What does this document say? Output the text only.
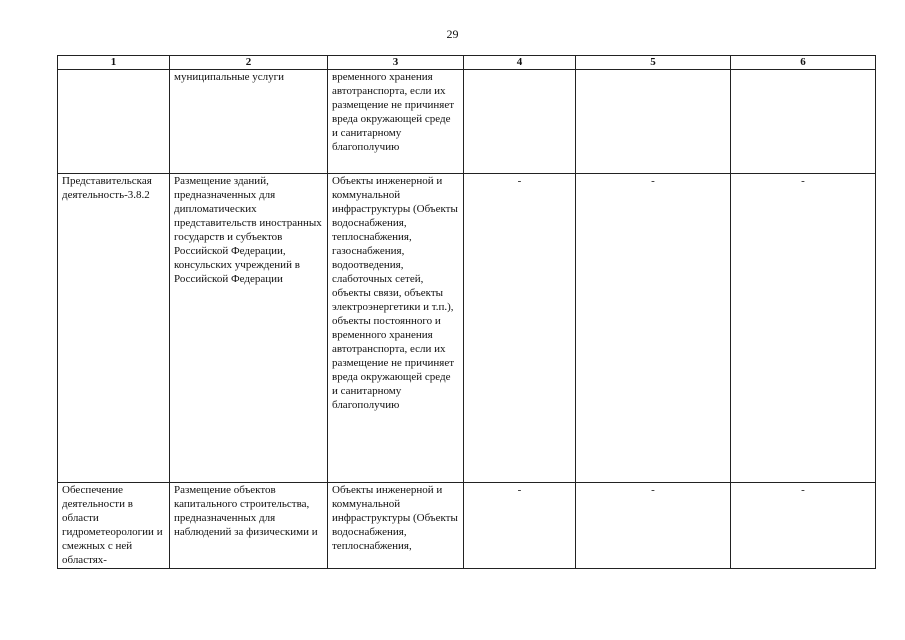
29
1	2	3	4	5	6
	муниципальные услуги	временного хранения автотранспорта, если их размещение не причиняет вреда окружающей среде и санитарному благополучию			
Представительская деятельность-3.8.2	Размещение зданий, предназначенных для дипломатических представительств иностранных государств и субъектов Российской Федерации, консульских учреждений в Российской Федерации	Объекты инженерной и коммунальной инфраструктуры (Объекты водоснабжения, теплоснабжения, газоснабжения, водоотведения, слаботочных сетей, объекты связи, объекты электроэнергетики и т.п.), объекты постоянного и временного хранения автотранспорта, если их размещение не причиняет вреда окружающей среде и санитарному благополучию	-	-	-
Обеспечение деятельности в области гидрометеорологии и смежных с ней областях-	Размещение объектов капитального строительства, предназначенных для наблюдений за физическими и	Объекты инженерной и коммунальной инфраструктуры (Объекты водоснабжения, теплоснабжения,	-	-	-
